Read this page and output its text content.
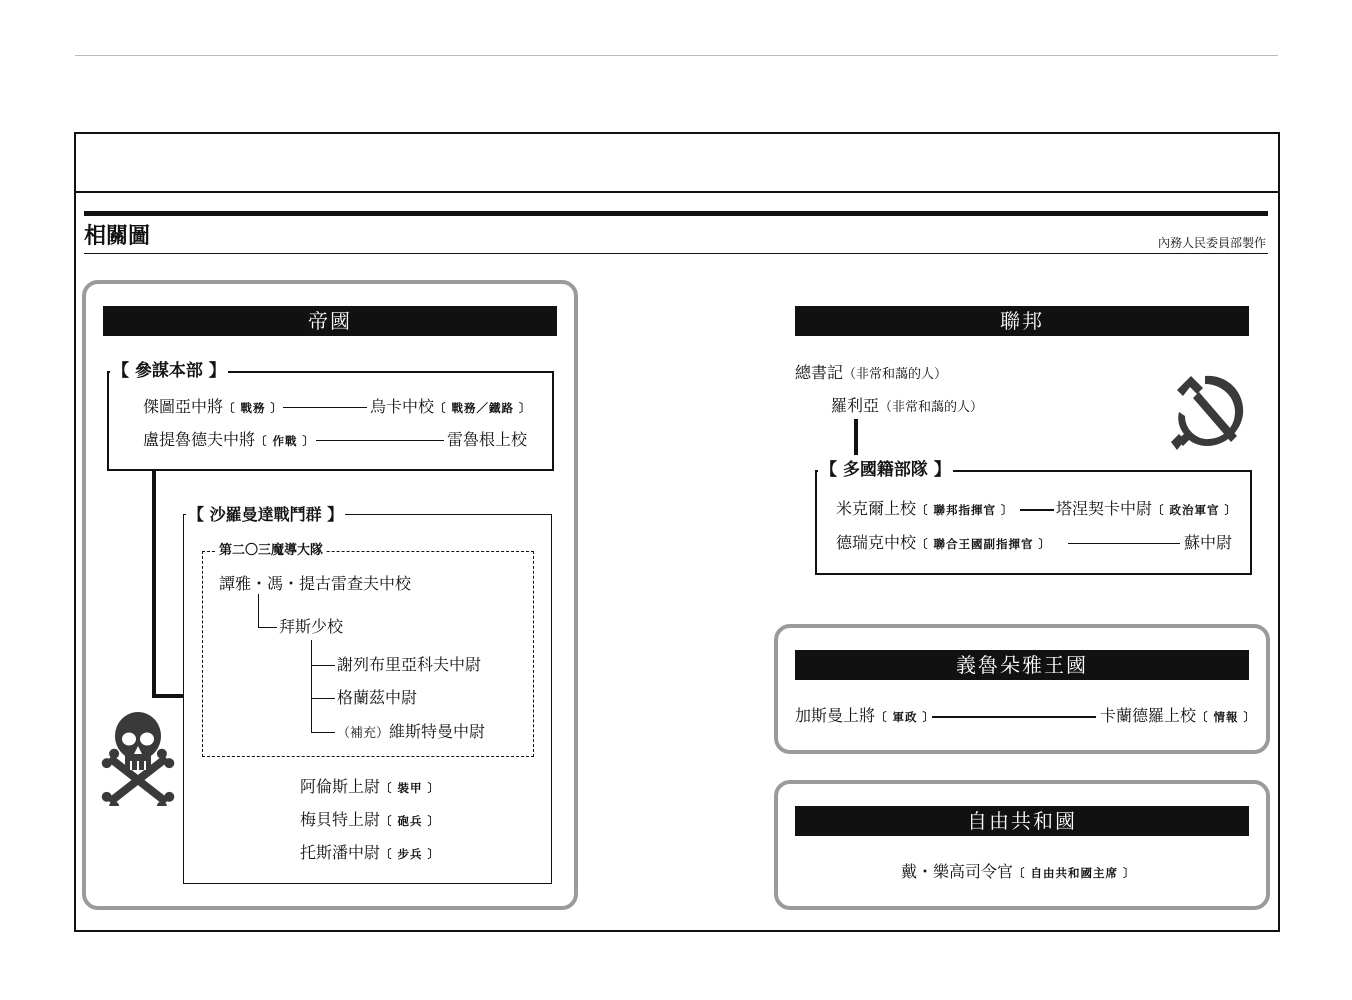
相關圖	內務人民委員部製作
帝國
【 參謀本部 】
傑圖亞中將〔 戰務 〕	烏卡中校〔 戰務／鐵路 〕
盧提魯德夫中將〔 作戰 〕	雷魯根上校
【 沙羅曼達戰鬥群 】
第二〇三魔導大隊
譚雅・馮・提古雷查夫中校
拜斯少校
謝列布里亞科夫中尉
格蘭茲中尉
（補充）維斯特曼中尉
阿倫斯上尉〔 裝甲 〕
梅貝特上尉〔 砲兵 〕
托斯潘中尉〔 步兵 〕
聯邦
總書記（非常和藹的人）
羅利亞（非常和藹的人）
【 多國籍部隊 】
米克爾上校〔 聯邦指揮官 〕	塔涅契卡中尉〔 政治軍官 〕
德瑞克中校〔 聯合王國副指揮官 〕	蘇中尉
義魯朵雅王國
加斯曼上將〔 軍政 〕	卡蘭德羅上校〔 情報 〕
自由共和國
戴・樂高司令官〔 自由共和國主席 〕
